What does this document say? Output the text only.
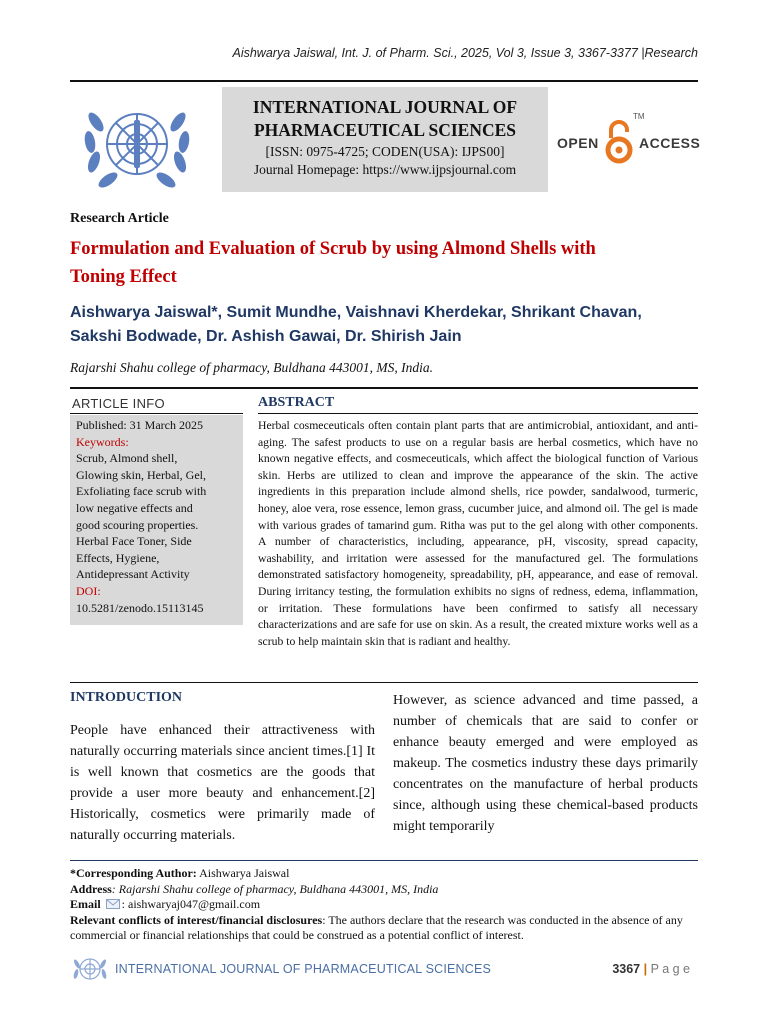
Aishwarya Jaiswal, Int. J. of Pharm. Sci., 2025, Vol 3, Issue 3, 3367-3377 |Research
INTERNATIONAL JOURNAL OF
PHARMACEUTICAL SCIENCES
[ISSN: 0975-4725; CODEN(USA): IJPS00]
Journal Homepage: https://www.ijpsjournal.com
OPEN
TM
ACCESS
Research Article
Formulation and Evaluation of Scrub by using Almond Shells with
Toning Effect
Aishwarya Jaiswal*, Sumit Mundhe, Vaishnavi Kherdekar, Shrikant Chavan,
Sakshi Bodwade, Dr. Ashish Gawai, Dr. Shirish Jain
Rajarshi Shahu college of pharmacy, Buldhana 443001, MS, India.
ARTICLE INFO
Published: 31 March 2025
Keywords:
Scrub, Almond shell,
Glowing skin, Herbal, Gel,
Exfoliating face scrub with
low negative effects and
good scouring properties.
Herbal Face Toner, Side
Effects, Hygiene,
Antidepressant Activity
DOI:
10.5281/zenodo.15113145
ABSTRACT
Herbal cosmeceuticals often contain plant parts that are antimicrobial, antioxidant, and anti-aging. The safest products to use on a regular basis are herbal cosmetics, which have no known negative effects, and cosmeceuticals, which affect the biological function of Various skin. Herbs are utilized to clean and improve the appearance of the skin. The active ingredients in this preparation include almond shells, rice powder, sandalwood, turmeric, honey, aloe vera, rose essence, lemon grass, cucumber juice, and almond oil. The gel is made with various grades of tamarind gum. Ritha was put to the gel along with other components. A number of characteristics, including, appearance, pH, viscosity, spread capacity, washability, and irritation were assessed for the manufactured gel. The formulations demonstrated satisfactory homogeneity, spreadability, pH, appearance, and ease of removal. During irritancy testing, the formulation exhibits no signs of redness, edema, inflammation, or irritation. These formulations have been confirmed to satisfy all necessary characterizations and are safe for use on skin. As a result, the created mixture works well as a scrub to help maintain skin that is radiant and healthy.
INTRODUCTION
People have enhanced their attractiveness with naturally occurring materials since ancient times.[1] It is well known that cosmetics are the goods that provide a user more beauty and enhancement.[2] Historically, cosmetics were primarily made of naturally occurring materials.
However, as science advanced and time passed, a number of chemicals that are said to confer or enhance beauty emerged and were employed as makeup. The cosmetics industry these days primarily concentrates on the manufacture of herbal products since, although using these chemical-based products might temporarily
*Corresponding Author: Aishwarya Jaiswal
Address: Rajarshi Shahu college of pharmacy, Buldhana 443001, MS, India
Email : aishwaryaj047@gmail.com
Relevant conflicts of interest/financial disclosures: The authors declare that the research was conducted in the absence of any commercial or financial relationships that could be construed as a potential conflict of interest.
INTERNATIONAL JOURNAL OF PHARMACEUTICAL SCIENCES	3367 | P a g e
